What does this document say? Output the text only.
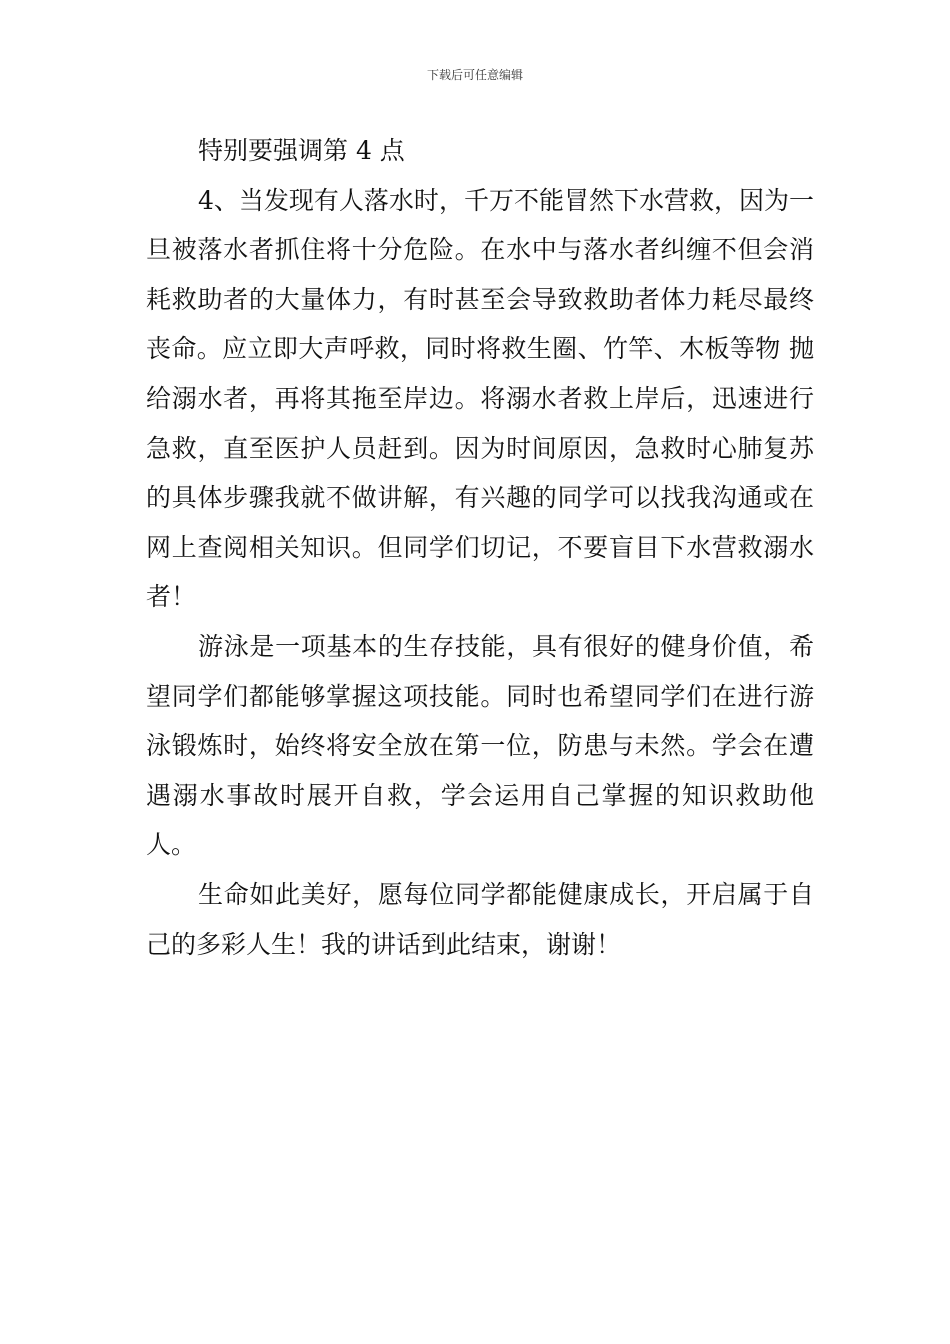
下载后可任意编辑

特别要强调第 4 点

4、当发现有人落水时，千万不能冒然下水营救，因为一旦被落水者抓住将十分危险。在水中与落水者纠缠不但会消耗救助者的大量体力，有时甚至会导致救助者体力耗尽最终丧命。应立即大声呼救，同时将救生圈、竹竿、木板等物 抛给溺水者，再将其拖至岸边。将溺水者救上岸后，迅速进行急救，直至医护人员赶到。因为时间原因，急救时心肺复苏的具体步骤我就不做讲解，有兴趣的同学可以找我沟通或在网上查阅相关知识。但同学们切记，不要盲目下水营救溺水者！

游泳是一项基本的生存技能，具有很好的健身价值，希望同学们都能够掌握这项技能。同时也希望同学们在进行游泳锻炼时，始终将安全放在第一位，防患与未然。学会在遭遇溺水事故时展开自救，学会运用自己掌握的知识救助他人。

生命如此美好，愿每位同学都能健康成长，开启属于自己的多彩人生！我的讲话到此结束，谢谢！
